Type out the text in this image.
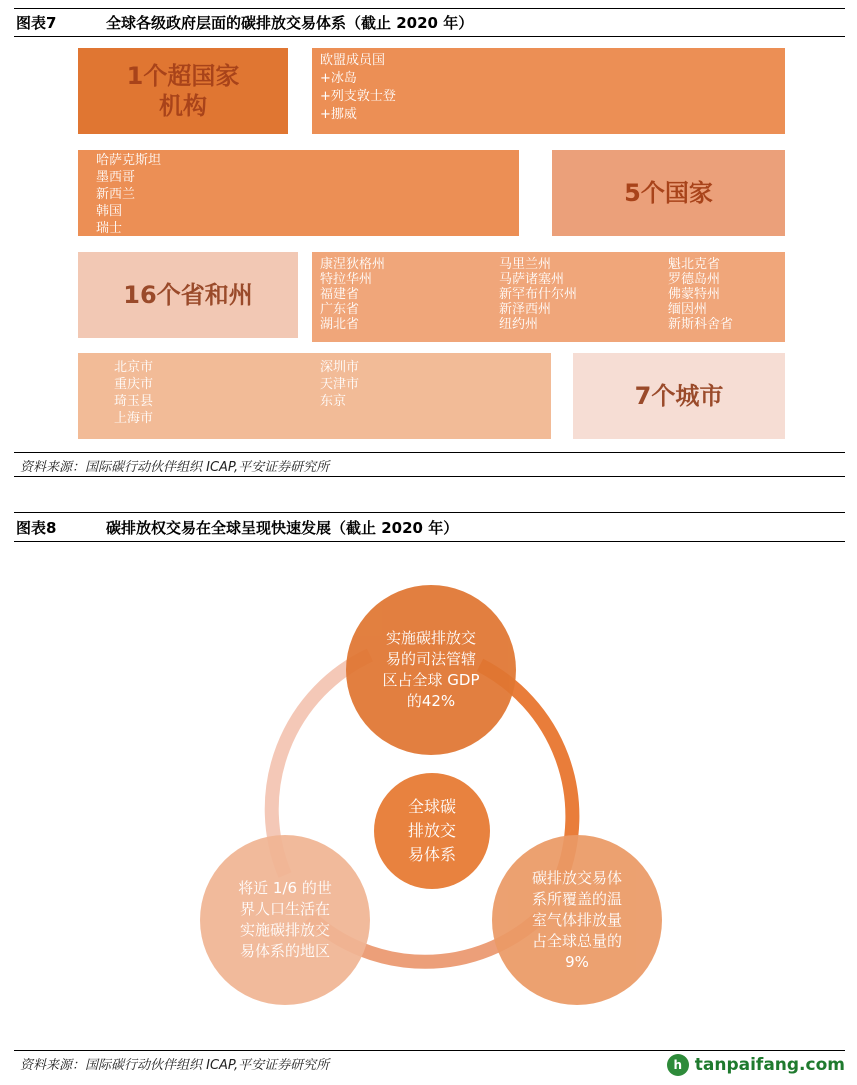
图表7	全球各级政府层面的碳排放交易体系（截止 2020 年）
1个超国家
机构
欧盟成员国
+冰岛
+列支敦士登
+挪威
哈萨克斯坦
墨西哥
新西兰
韩国
瑞士
5个国家
16个省和州
康涅狄格州
特拉华州
福建省
广东省
湖北省
马里兰州
马萨诸塞州
新罕布什尔州
新泽西州
纽约州
魁北克省
罗德岛州
佛蒙特州
缅因州
新斯科舍省
北京市
重庆市
琦玉县
上海市
深圳市
天津市
东京	7个城市
资料来源：国际碳行动伙伴组织 ICAP,平安证券研究所
图表8	碳排放权交易在全球呈现快速发展（截止 2020 年）
实施碳排放交
易的司法管辖
区占全球 GDP
的42%
全球碳
排放交
易体系
碳排放交易体
系所覆盖的温
室气体排放量
占全球总量的
9%
将近 1/6 的世
界人口生活在
实施碳排放交
易体系的地区
资料来源：国际碳行动伙伴组织 ICAP,平安证券研究所	h tanpaifang.com
